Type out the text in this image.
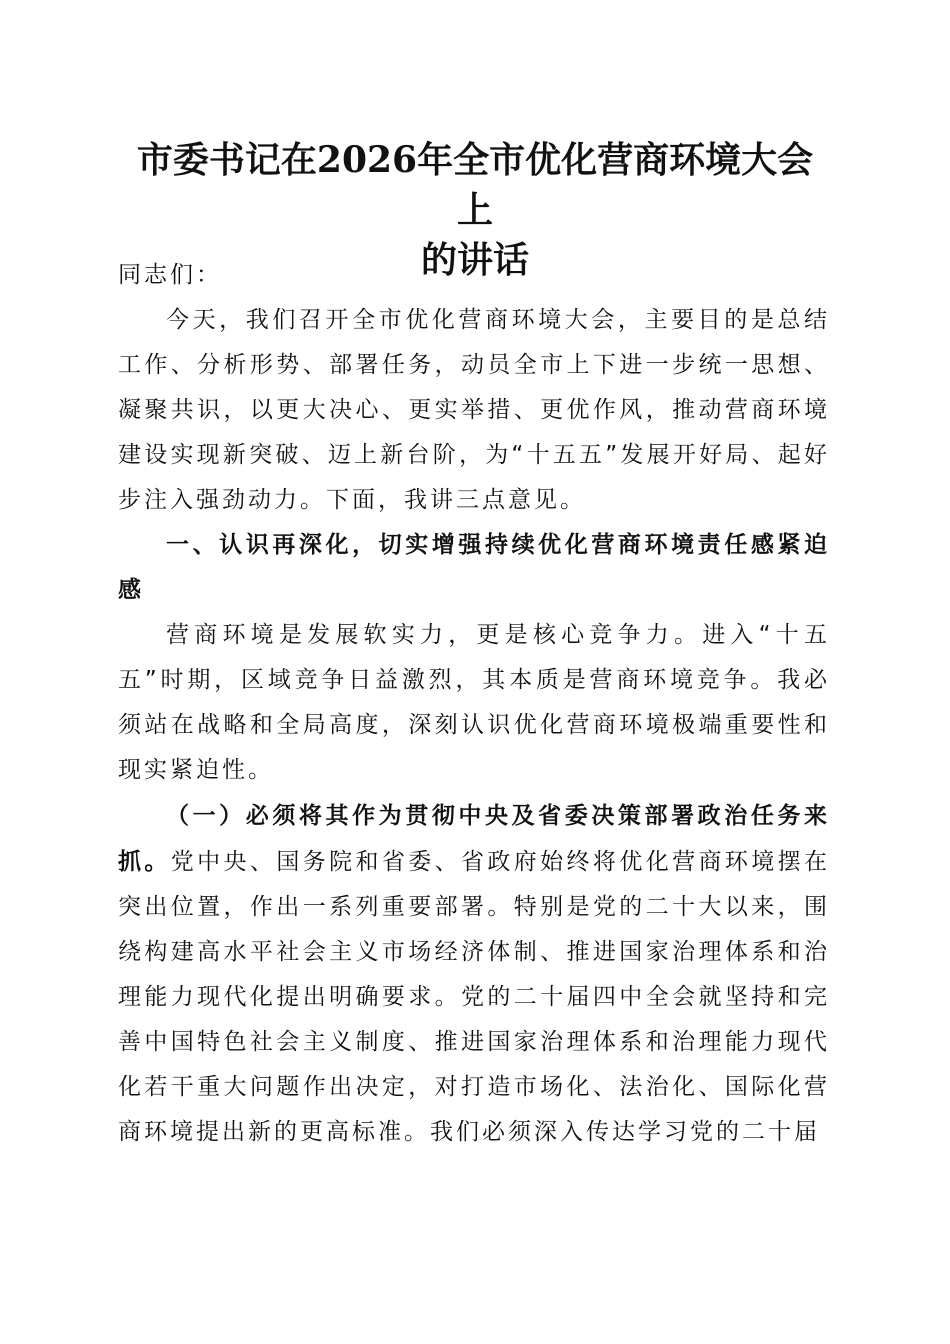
市委书记在2026年全市优化营商环境大会上
的讲话

同志们：

今天，我们召开全市优化营商环境大会，主要目的是总结工作、分析形势、部署任务，动员全市上下进一步统一思想、凝聚共识，以更大决心、更实举措、更优作风，推动营商环境建设实现新突破、迈上新台阶，为“十五五”发展开好局、起好步注入强劲动力。下面，我讲三点意见。

一、认识再深化，切实增强持续优化营商环境责任感紧迫感

营商环境是发展软实力，更是核心竞争力。进入“十五五”时期，区域竞争日益激烈，其本质是营商环境竞争。我必须站在战略和全局高度，深刻认识优化营商环境极端重要性和现实紧迫性。

（一）必须将其作为贯彻中央及省委决策部署政治任务来抓。党中央、国务院和省委、省政府始终将优化营商环境摆在突出位置，作出一系列重要部署。特别是党的二十大以来，围绕构建高水平社会主义市场经济体制、推进国家治理体系和治理能力现代化提出明确要求。党的二十届四中全会就坚持和完善中国特色社会主义制度、推进国家治理体系和治理能力现代化若干重大问题作出决定，对打造市场化、法治化、国际化营商环境提出新的更高标准。我们必须深入传达学习党的二十届
